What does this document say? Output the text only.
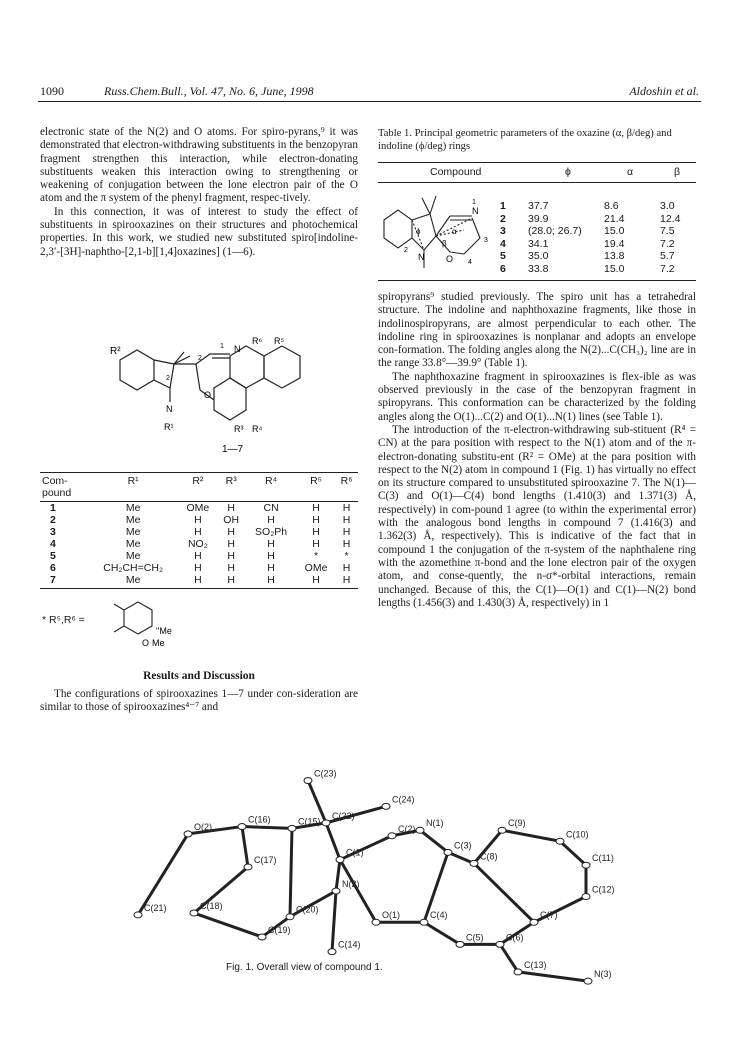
1090	Russ.Chem.Bull., Vol. 47, No. 6, June, 1998	Aldoshin et al.

electronic state of the N(2) and O atoms. For spiro-pyrans,⁹ it was demonstrated that electron-withdrawing substituents in the benzopyran fragment strengthen this interaction, while electron-donating substituents weaken this interaction owing to strengthening or weakening of conjugation between the lone electron pair of the O atom and the π system of the phenyl fragment, respec-tively.

In this connection, it was of interest to study the effect of substituents in spirooxazines on their structures and photochemical properties. In this work, we studied new substituted spiro[indoline-2,3′-[3H]-naphtho-[2,1-b][1,4]oxazines] (1—6).

R²	N
O
N
R¹	R³ R⁴
R⁵
R⁶
1
2
2
1—7
Com-	R¹	R²	R³	R⁴	R⁵	R⁶
pound						
1	Me	OMe	H	CN	H	H
2	Me	H	OH	H	H	H
3	Me	H	H	SO₂Ph	H	H
4	Me	NO₂	H	H	H	H
5	Me	H	H	H	*	*
6	CH₂CH=CH₂	H	H	H	OMe	H
7	Me	H	H	H	H	H
* R⁵,R⁶ =
O
''Me
Me
Results and Discussion

The configurations of spirooxazines 1—7 under con-sideration are similar to those of spirooxazines⁴⁻⁷ and

Table 1. Principal geometric parameters of the oxazine (α, β/deg) and indoline (ϕ/deg) rings
Compound	ϕ	α	β
N
O
3
4
2
1
N
α
β
ϕ
1 37.7	8.6	3.0
2 39.9	21.4	12.4
3 (28.0; 26.7) 15.0	7.5
4 34.1	19.4	7.2
5 35.0	13.8	5.7
6 33.8	15.0	7.2

spiropyrans⁹ studied previously. The spiro unit has a tetrahedral structure. The indoline and naphthoxazine fragments, like those in indolinospiropyrans, are almost perpendicular to each other. The indoline ring in spirooxazines is nonplanar and adopts an envelope con-formation. The folding angles along the N(2)...C(CH₃)₂ line are in the range 33.8°—39.9° (Table 1).

The naphthoxazine fragment in spirooxazines is flex-ible as was observed previously in the case of the benzopyran fragment in spiropyrans. This conformation can be characterized by the folding angles along the O(1)...C(2) and O(1)...N(1) lines (see Table 1).

The introduction of the π-electron-withdrawing sub-stituent (R⁴ = CN) at the para position with respect to the N(1) atom and of the π-electron-donating substitu-ent (R² = OMe) at the para position with respect to the N(2) atom in compound 1 (Fig. 1) has virtually no effect on its structure compared to unsubstituted spirooxazine 7. The N(1)—C(3) and O(1)—C(4) bond lengths (1.410(3) and 1.371(3) Å, respectively) in com-pound 1 agree (to within the experimental error) with the analogous bond lengths in compound 7 (1.416(3) and 1.362(3) Å, respectively). This is indicative of the fact that in compound 1 the conjugation of the π-system of the naphthalene ring with the azomethine π-bond and the lone electron pair of the oxygen atom, and conse-quently, the n-σ*-orbital interactions, remain unchanged. Because of this, the C(1)—O(1) and C(1)—N(2) bond lengths (1.456(3) and 1.430(3) Å, respectively) in 1

C(23)
C(24)
C(22)
O(2)
C(16)	C(15)
C(2)
N(1)	C(9)
C(10)
C(1)
C(3)
C(8)	C(11)
C(17)
N(2)
C(12)
C(21)	C(18)	C(20)
O(1)	C(4)	C(7)
C(19)
C(5)	C(6)
C(14)
C(13)
N(3)
Fig. 1. Overall view of compound 1.
